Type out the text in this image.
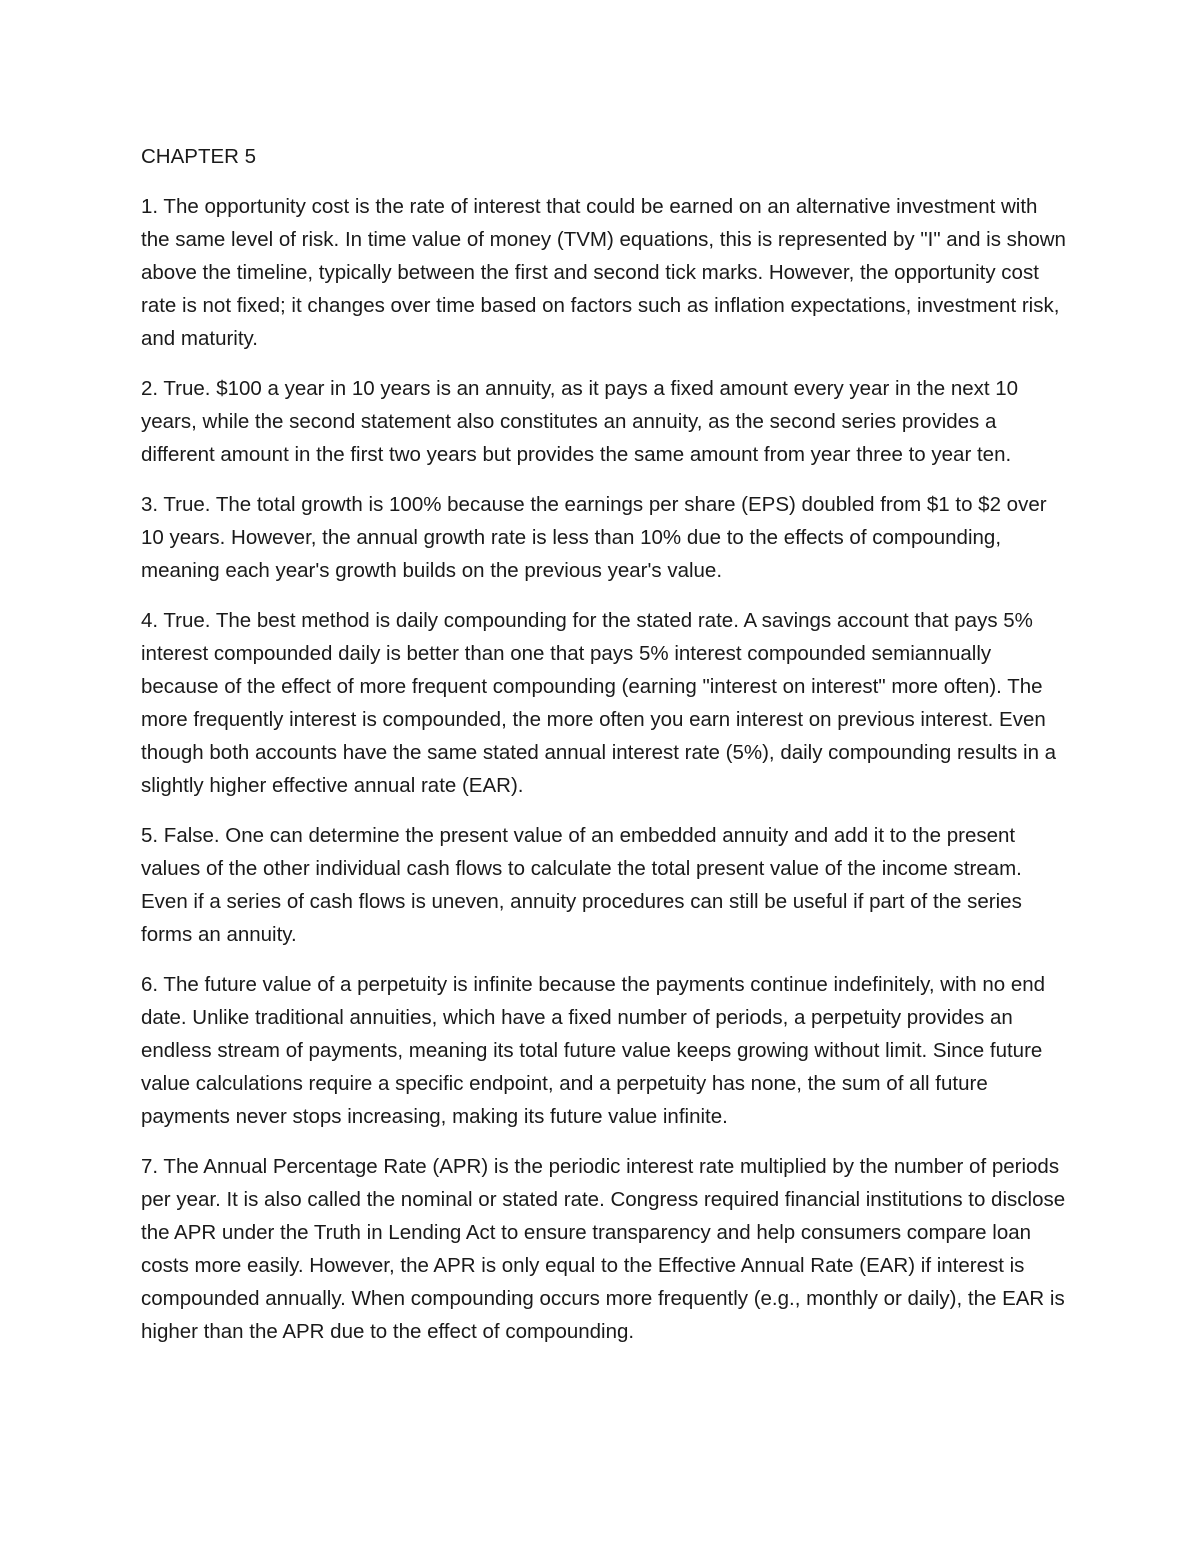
CHAPTER 5

1. The opportunity cost is the rate of interest that could be earned on an alternative investment with the same level of risk. In time value of money (TVM) equations, this is represented by "I" and is shown above the timeline, typically between the first and second tick marks. However, the opportunity cost rate is not fixed; it changes over time based on factors such as inflation expectations, investment risk, and maturity.

2. True. $100 a year in 10 years is an annuity, as it pays a fixed amount every year in the next 10 years, while the second statement also constitutes an annuity, as the second series provides a different amount in the first two years but provides the same amount from year three to year ten.

3. True. The total growth is 100% because the earnings per share (EPS) doubled from $1 to $2 over 10 years. However, the annual growth rate is less than 10% due to the effects of compounding, meaning each year's growth builds on the previous year's value.

4. True. The best method is daily compounding for the stated rate. A savings account that pays 5% interest compounded daily is better than one that pays 5% interest compounded semiannually because of the effect of more frequent compounding (earning "interest on interest" more often). The more frequently interest is compounded, the more often you earn interest on previous interest. Even though both accounts have the same stated annual interest rate (5%), daily compounding results in a slightly higher effective annual rate (EAR).

5. False. One can determine the present value of an embedded annuity and add it to the present values of the other individual cash flows to calculate the total present value of the income stream. Even if a series of cash flows is uneven, annuity procedures can still be useful if part of the series forms an annuity.

6. The future value of a perpetuity is infinite because the payments continue indefinitely, with no end date. Unlike traditional annuities, which have a fixed number of periods, a perpetuity provides an endless stream of payments, meaning its total future value keeps growing without limit. Since future value calculations require a specific endpoint, and a perpetuity has none, the sum of all future payments never stops increasing, making its future value infinite.

7. The Annual Percentage Rate (APR) is the periodic interest rate multiplied by the number of periods per year. It is also called the nominal or stated rate. Congress required financial institutions to disclose the APR under the Truth in Lending Act to ensure transparency and help consumers compare loan costs more easily. However, the APR is only equal to the Effective Annual Rate (EAR) if interest is compounded annually. When compounding occurs more frequently (e.g., monthly or daily), the EAR is higher than the APR due to the effect of compounding.
